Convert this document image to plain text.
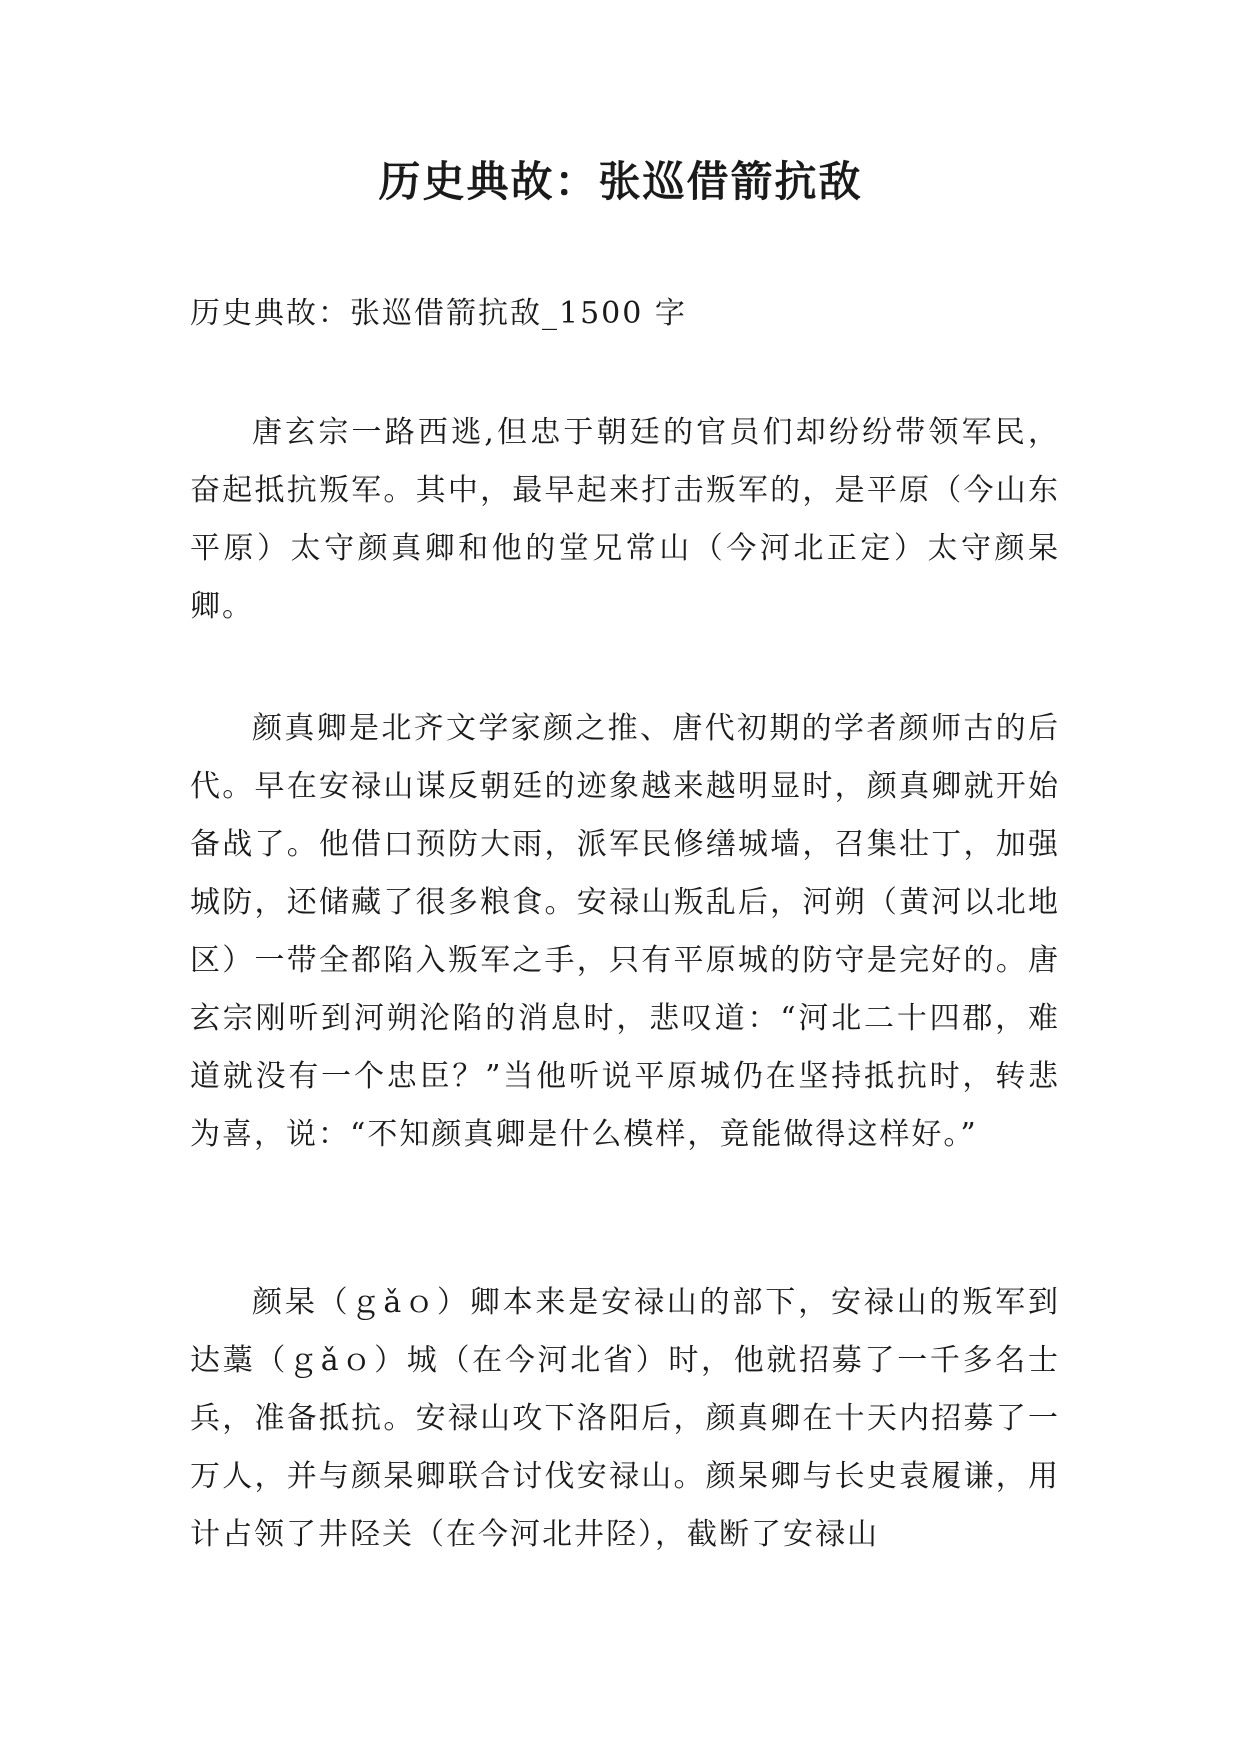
历史典故：张巡借箭抗敌

历史典故：张巡借箭抗敌_1500 字

唐玄宗一路西逃,但忠于朝廷的官员们却纷纷带领军民，奋起抵抗叛军。其中，最早起来打击叛军的，是平原（今山东平原）太守颜真卿和他的堂兄常山（今河北正定）太守颜杲卿。

颜真卿是北齐文学家颜之推、唐代初期的学者颜师古的后代。早在安禄山谋反朝廷的迹象越来越明显时，颜真卿就开始备战了。他借口预防大雨，派军民修缮城墙，召集壮丁，加强城防，还储藏了很多粮食。安禄山叛乱后，河朔（黄河以北地区）一带全都陷入叛军之手，只有平原城的防守是完好的。唐玄宗刚听到河朔沦陷的消息时，悲叹道：“河北二十四郡，难道就没有一个忠臣？”当他听说平原城仍在坚持抵抗时，转悲为喜，说：“不知颜真卿是什么模样，竟能做得这样好。”

颜杲（ｇǎｏ）卿本来是安禄山的部下，安禄山的叛军到达藁（ｇǎｏ）城（在今河北省）时，他就招募了一千多名士兵，准备抵抗。安禄山攻下洛阳后，颜真卿在十天内招募了一万人，并与颜杲卿联合讨伐安禄山。颜杲卿与长史袁履谦，用计占领了井陉关（在今河北井陉），截断了安禄山
